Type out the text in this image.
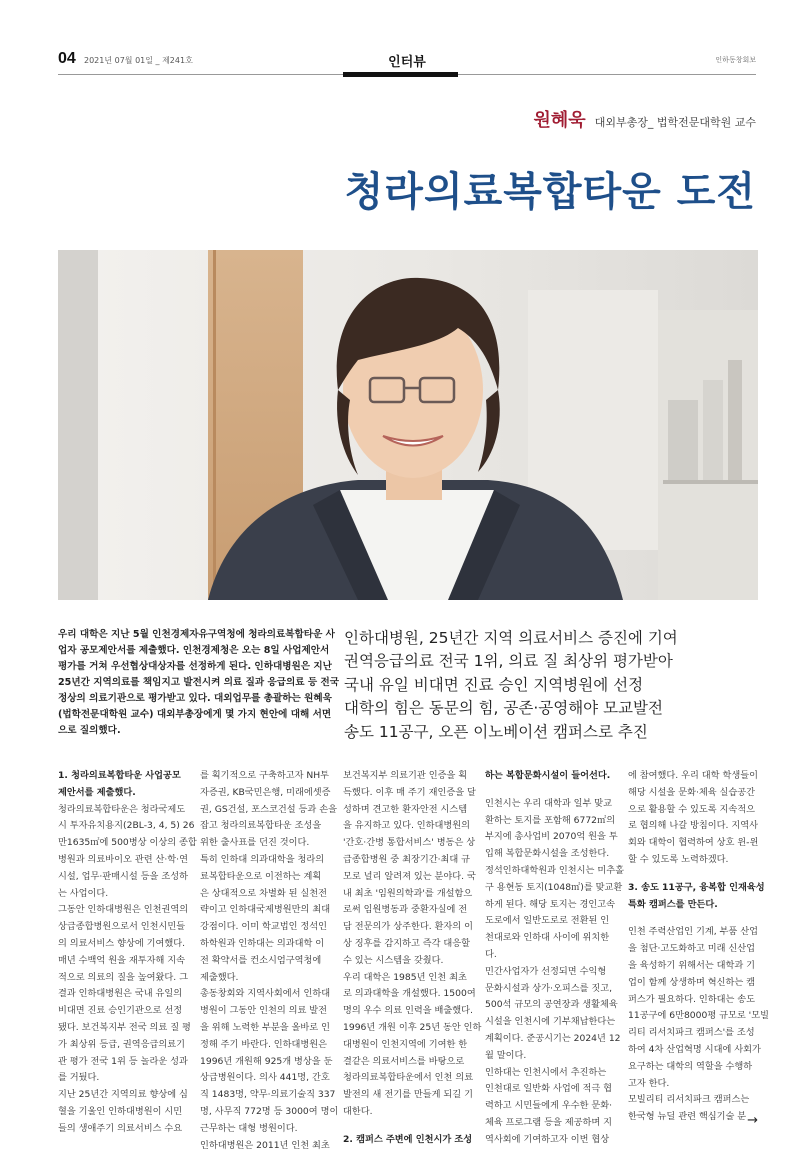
04 2021년 07월 01일 _ 제241호	인터뷰	인하동창회보
원혜욱 대외부총장_ 법학전문대학원 교수
청라의료복합타운 도전
우리 대학은 지난 5월 인천경제자유구역청에 청라의료복합타운 사
업자 공모제안서를 제출했다. 인천경제청은 오는 8일 사업제안서
평가를 거쳐 우선협상대상자를 선정하게 된다. 인하대병원은 지난
25년간 지역의료를 책임지고 발전시켜 의료 질과 응급의료 등 전국
정상의 의료기관으로 평가받고 있다. 대외업무를 총괄하는 원혜욱
(법학전문대학원 교수) 대외부총장에게 몇 가지 현안에 대해 서면
으로 질의했다.
인하대병원, 25년간 지역 의료서비스 증진에 기여
권역응급의료 전국 1위, 의료 질 최상위 평가받아
국내 유일 비대면 진료 승인 지역병원에 선정
대학의 힘은 동문의 힘, 공존·공영해야 모교발전
송도 11공구, 오픈 이노베이션 캠퍼스로 추진
1. 청라의료복합타운 사업공모
제안서를 제출했다.
청라의료복합타운은 청라국제도
시 투자유치용지(2BL-3, 4, 5) 26
만1635㎡에 500병상 이상의 종합
병원과 의료바이오 관련 산·학·연
시설, 업무·판매시설 등을 조성하
는 사업이다.
그동안 인하대병원은 인천권역의
상급종합병원으로서 인천시민들
의 의료서비스 향상에 기여했다.
매년 수백억 원을 재투자해 지속
적으로 의료의 질을 높여왔다. 그
결과 인하대병원은 국내 유일의
비대면 진료 승인기관으로 선정
됐다. 보건복지부 전국 의료 질 평
가 최상위 등급, 권역응급의료기
관 평가 전국 1위 등 놀라운 성과
를 거뒀다.
지난 25년간 지역의료 향상에 심
혈을 기울인 인하대병원이 시민
들의 생애주기 의료서비스 수요
를 획기적으로 구축하고자 NH투
자증권, KB국민은행, 미래에셋증
권, GS건설, 포스코건설 등과 손을
잡고 청라의료복합타운 조성을
위한 출사표를 던진 것이다.
특히 인하대 의과대학을 청라의
료복합타운으로 이전하는 계획
은 상대적으로 차별화 된 실천전
략이고 인하대국제병원만의 최대
강점이다. 이미 학교법인 정석인
하학원과 인하대는 의과대학 이
전 확약서를 컨소시엄구역청에
제출했다.
총동창회와 지역사회에서 인하대
병원이 그동안 인천의 의료 발전
을 위해 노력한 부분을 올바로 인
정해 주기 바란다. 인하대병원은
1996년 개원해 925개 병상을 둔
상급병원이다. 의사 441명, 간호
직 1483명, 약무·의료기술직 337
명, 사무직 772명 등 3000여 명이
근무하는 대형 병원이다.
인하대병원은 2011년 인천 최초
보건복지부 의료기관 인증을 획
득했다. 이후 매 주기 재인증을 달
성하며 견고한 환자안전 시스템
을 유지하고 있다. 인하대병원의
'간호·간병 통합서비스' 병동은 상
급종합병원 중 최장기간·최대 규
모로 널리 알려져 있는 분야다. 국
내 최초 '임원의학과'를 개설함으
로써 임원병동과 중환자실에 전
담 전문의가 상주한다. 환자의 이
상 징후를 감지하고 즉각 대응할
수 있는 시스템을 갖췄다.
우리 대학은 1985년 인천 최초
로 의과대학을 개설했다. 1500여
명의 우수 의료 인력을 배출했다.
1996년 개원 이후 25년 동안 인하
대병원이 인천지역에 기여한 한
결같은 의료서비스를 바탕으로
청라의료복합타운에서 인천 의료
발전의 새 전기를 만들게 되길 기
대한다.
2. 캠퍼스 주변에 인천시가 조성
하는 복합문화시설이 들어선다.
인천시는 우리 대학과 일부 맞교
환하는 토지를 포함해 6772㎡의
부지에 총사업비 2070억 원을 투
입해 복합문화시설을 조성한다.
정석인하대학원과 인천시는 미추홀
구 용현동 토지(1048㎡)를 맞교환
하게 된다. 해당 토지는 경인고속
도로에서 일반도로로 전환된 인
천대로와 인하대 사이에 위치한
다.
민간사업자가 선정되면 수익형
문화시설과 상가·오피스를 짓고,
500석 규모의 공연장과 생활체육
시설을 인천시에 기부채납한다는
계획이다. 준공시기는 2024년 12
월 말이다.
인하대는 인천시에서 추진하는
인천대로 일반화 사업에 적극 협
력하고 시민들에게 우수한 문화·
체육 프로그램 등을 제공하며 지
역사회에 기여하고자 이번 협상
에 참여했다. 우리 대학 학생들이
해당 시설을 문화·체육 실습공간
으로 활용할 수 있도록 지속적으
로 협의해 나갈 방침이다. 지역사
회와 대학이 협력하여 상호 윈-윈
할 수 있도록 노력하겠다.
3. 송도 11공구, 융복합 인재육성
특화 캠퍼스를 만든다.
인천 주력산업인 기계, 부품 산업
을 첨단·고도화하고 미래 신산업
을 육성하기 위해서는 대학과 기
업이 함께 상생하며 혁신하는 캠
퍼스가 필요하다. 인하대는 송도
11공구에 6만8000평 규모로 '모빌
리티 리서치파크 캠퍼스'를 조성
하여 4차 산업혁명 시대에 사회가
요구하는 대학의 역할을 수행하
고자 한다.
모빌리티 리서치파크 캠퍼스는
한국형 뉴딜 관련 핵심기술 분 →
